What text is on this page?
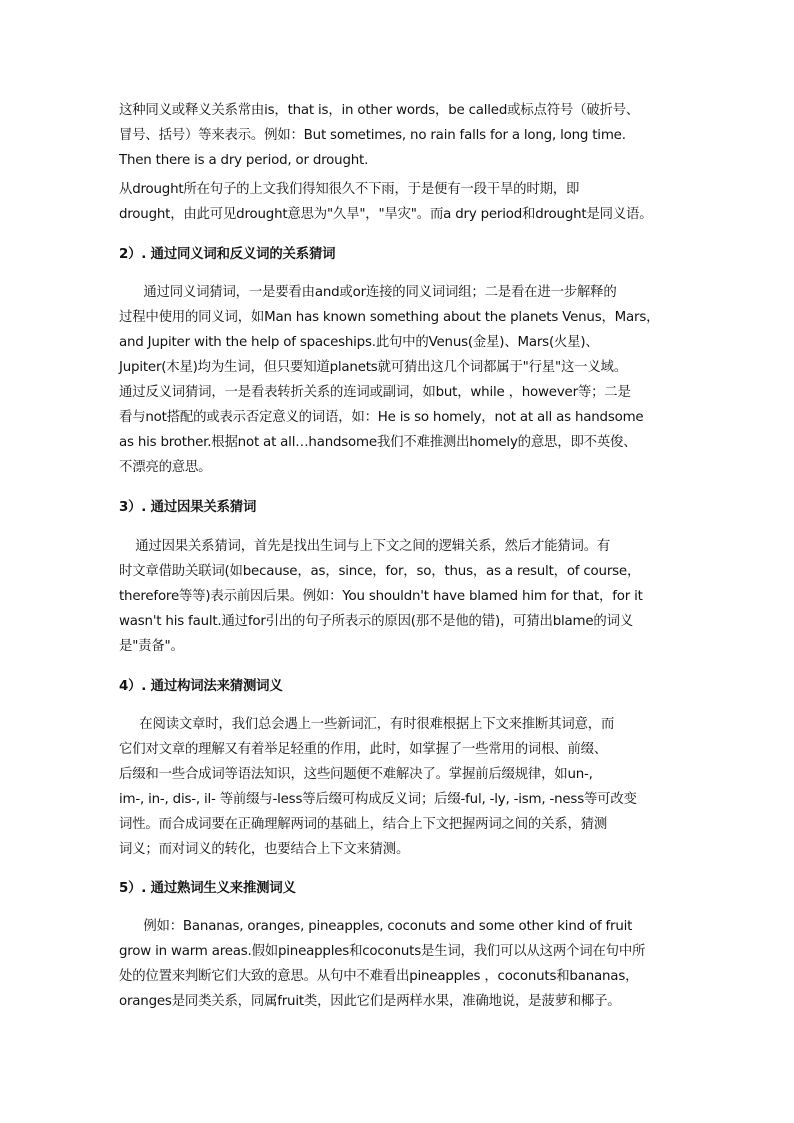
这种同义或释义关系常由is，that is，in other words，be called或标点符号（破折号、
冒号、括号）等来表示。例如：But sometimes, no rain falls for a long, long time.
Then there is a dry period, or drought.
从drought所在句子的上文我们得知很久不下雨，于是便有一段干旱的时期，即
drought，由此可见drought意思为"久旱"，"旱灾"。而a dry period和drought是同义语。
2）. 通过同义词和反义词的关系猜词
通过同义词猜词，一是要看由and或or连接的同义词词组；二是看在进一步解释的
过程中使用的同义词，如Man has known something about the planets Venus，Mars，
and Jupiter with the help of spaceships.此句中的Venus(金星)、Mars(火星)、
Jupiter(木星)均为生词，但只要知道planets就可猜出这几个词都属于"行星"这一义域。
通过反义词猜词，一是看表转折关系的连词或副词，如but，while ，however等；二是
看与not搭配的或表示否定意义的词语，如：He is so homely，not at all as handsome
as his brother.根据not at all…handsome我们不难推测出homely的意思，即不英俊、
不漂亮的意思。
3）. 通过因果关系猜词
通过因果关系猜词，首先是找出生词与上下文之间的逻辑关系，然后才能猜词。有
时文章借助关联词(如because，as，since，for，so，thus，as a result，of course，
therefore等等)表示前因后果。例如：You shouldn't have blamed him for that，for it
wasn't his fault.通过for引出的句子所表示的原因(那不是他的错)，可猜出blame的词义
是"责备"。
4）. 通过构词法来猜测词义
在阅读文章时，我们总会遇上一些新词汇，有时很难根据上下文来推断其词意，而
它们对文章的理解又有着举足轻重的作用，此时，如掌握了一些常用的词根、前缀、
后缀和一些合成词等语法知识，这些问题便不难解决了。掌握前后缀规律，如un-,
im-, in-, dis-, il- 等前缀与-less等后缀可构成反义词；后缀-ful, -ly, -ism, -ness等可改变
词性。而合成词要在正确理解两词的基础上，结合上下文把握两词之间的关系，猜测
词义；而对词义的转化，也要结合上下文来猜测。
5）. 通过熟词生义来推测词义
例如：Bananas, oranges, pineapples, coconuts and some other kind of fruit
grow in warm areas.假如pineapples和coconuts是生词，我们可以从这两个词在句中所
处的位置来判断它们大致的意思。从句中不难看出pineapples ，coconuts和bananas，
oranges是同类关系，同属fruit类，因此它们是两样水果，准确地说，是菠萝和椰子。
